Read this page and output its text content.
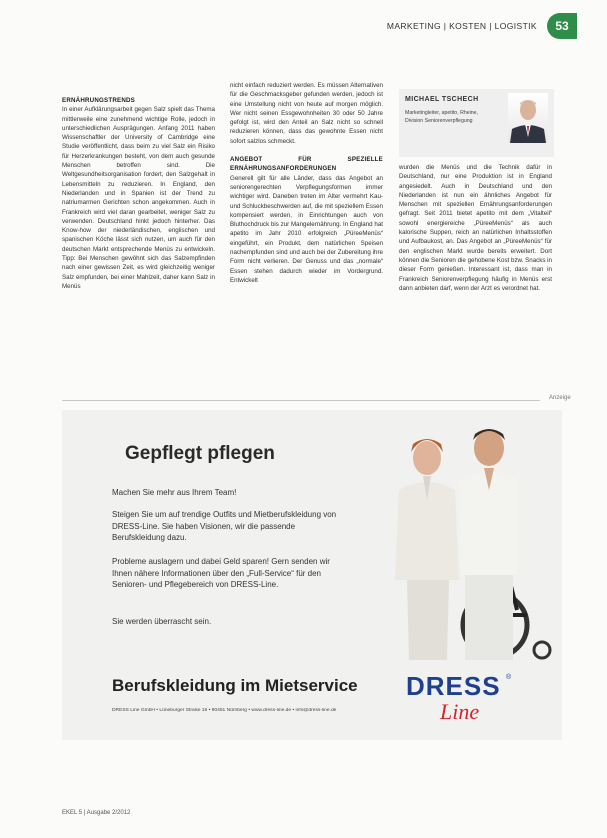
MARKETING | KOSTEN | LOGISTIK	53

ERNÄHRUNGSTRENDS

In einer Aufklärungsarbeit gegen Salz spielt das Thema mittlerweile eine zunehmend wichtige Rolle, jedoch in unterschiedlichen Ausprägungen. Anfang 2011 haben Wissenschaftler der University of Cambridge eine Studie veröffentlicht, dass beim zu viel Salz ein Risiko für Herzerkrankungen besteht, von dem auch gesunde Menschen betroffen sind. Die Weltgesundheitsorganisation fordert, den Salzgehalt in Lebensmitteln zu reduzieren. In England, den Niederlanden und in Spanien ist der Trend zu natriumarmen Gerichten schon angekommen. Auch in Frankreich wird viel daran gearbeitet, weniger Salz zu verwenden. Deutschland hinkt jedoch hinterher. Das Know-how der niederländischen, englischen und spanischen Köche lässt sich nutzen, um auch für den deutschen Markt entsprechende Menüs zu entwickeln. Tipp: Bei Menschen gewöhnt sich das Salzempfinden nach einer gewissen Zeit, es wird gleichzeitig weniger Salz empfunden, bei einer Mahlzeit, daher kann Salz in Menüs

nicht einfach reduziert werden. Es müssen Alternativen für die Geschmacksgeber gefunden werden, jedoch ist eine Umstellung nicht von heute auf morgen möglich. Wer nicht seinen Essgewohnheiten 30 oder 50 Jahre gefolgt ist, wird den Anteil an Salz nicht so schnell reduzieren können, dass das gewohnte Essen nicht sofort salzlos schmeckt.

ANGEBOT FÜR SPEZIELLE ERNÄHRUNGSANFORDERUNGEN

Generell gilt für alle Länder, dass das Angebot an seniorengerechten Verpflegungsformen immer wichtiger wird. Daneben treten im Alter vermehrt Kau- und Schluckbeschwerden auf, die mit speziellem Essen kompensiert werden, in Einrichtungen auch von Bluthochdruck bis zur Mangelernährung. In England hat apetito im Jahr 2010 erfolgreich „PüreeMenüs“ eingeführt, ein Produkt, dem natürlichen Speisen nachempfunden sind und auch bei der Zubereitung ihre Form nicht verlieren. Der Genuss und das „normale“ Essen stehen dadurch wieder im Vordergrund. Entwickelt

MICHAEL TSCHECH
Marketingleiter, apetito, Rheine, Division Seniorenverpflegung

wurden die Menüs und die Technik dafür in Deutschland, nur eine Produktion ist in England angesiedelt. Auch in Deutschland und den Niederlanden ist nun ein ähnliches Angebot für Menschen mit speziellen Ernährungsanforderungen gefragt. Seit 2011 bietet apetito mit dem „Vitalteil“ sowohl energiereiche „PüreeMenüs“ als auch kalorische Suppen, reich an natürlichen Inhaltsstoffen und Aufbaukost, an. Das Angebot an „PüreeMenüs“ für den englischen Markt wurde bereits erweitert. Dort können die Senioren die gehobene Kost bzw. Snacks in dieser Form genießen. Interessant ist, dass man in Frankreich Seniorenverpflegung häufig in Menüs erst dann anbieten darf, wenn der Arzt es verordnet hat.

Anzeige
Gepflegt pflegen
Machen Sie mehr aus Ihrem Team!
Steigen Sie um auf trendige Outfits und Mietberufskleidung von DRESS-Line. Sie haben Visionen, wir die passende Berufskleidung dazu.
Probleme auslagern und dabei Geld sparen! Gern senden wir Ihnen nähere Informationen über den „Full-Service“ für den Senioren- und Pflegebereich von DRESS-Line.
Sie werden überrascht sein.
Berufskleidung im Mietservice
DRESS Line GmbH • Lüneburger Straße 16 • 90451 Nürnberg • www.dress-line.de • info@dress-line.de
DRESS ®
Line
EKEL 5 | Ausgabe 2/2012
